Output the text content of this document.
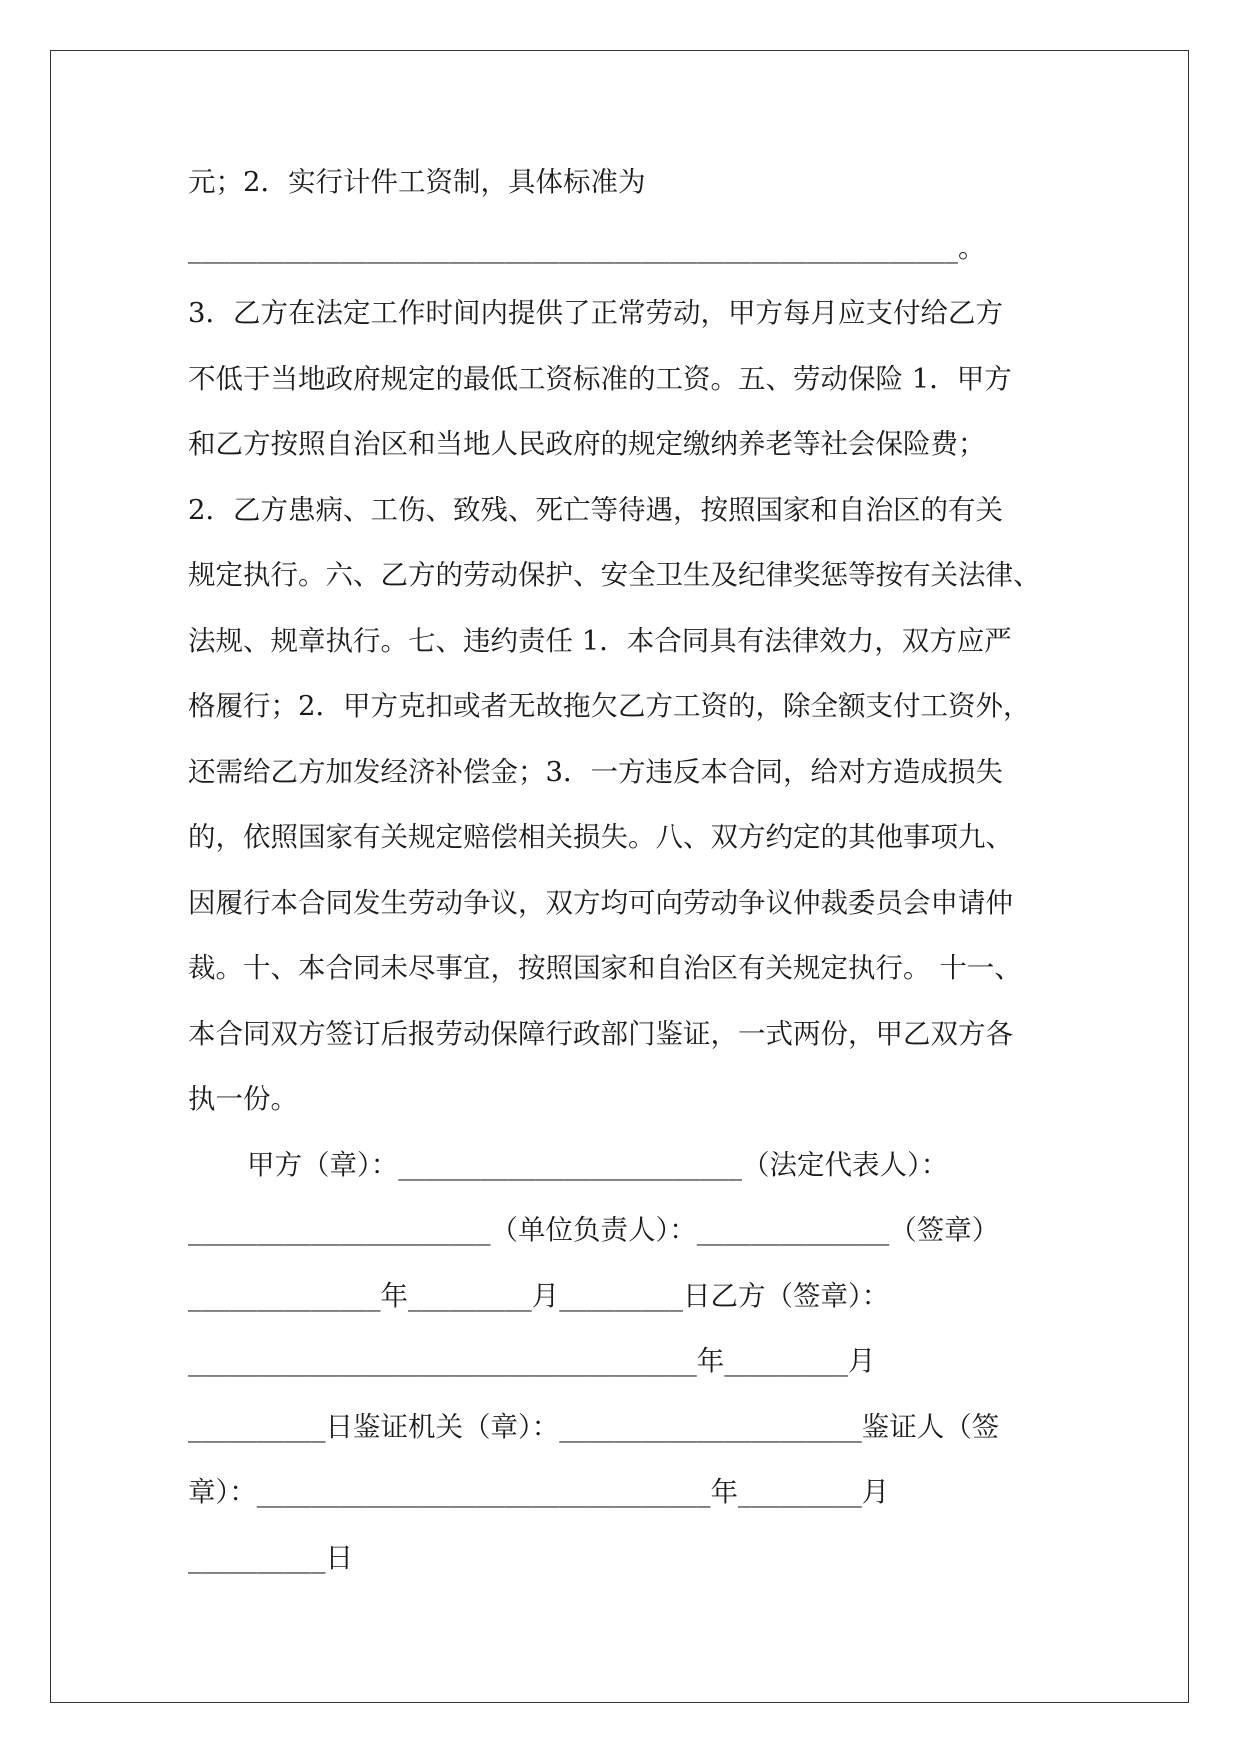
元；2．实行计件工资制，具体标准为
________________________________________________________。
3．乙方在法定工作时间内提供了正常劳动，甲方每月应支付给乙方
不低于当地政府规定的最低工资标准的工资。五、劳动保险 1．甲方
和乙方按照自治区和当地人民政府的规定缴纳养老等社会保险费；
2．乙方患病、工伤、致残、死亡等待遇，按照国家和自治区的有关
规定执行。六、乙方的劳动保护、安全卫生及纪律奖惩等按有关法律、
法规、规章执行。七、违约责任 1．本合同具有法律效力，双方应严
格履行；2．甲方克扣或者无故拖欠乙方工资的，除全额支付工资外，
还需给乙方加发经济补偿金；3．一方违反本合同，给对方造成损失
的，依照国家有关规定赔偿相关损失。八、双方约定的其他事项九、
因履行本合同发生劳动争议，双方均可向劳动争议仲裁委员会申请仲
裁。十、本合同未尽事宜，按照国家和自治区有关规定执行。 十一、
本合同双方签订后报劳动保障行政部门鉴证，一式两份，甲乙双方各
执一份。
甲方（章）：_________________________（法定代表人）：
______________________（单位负责人）：______________（签章）
______________年_________月_________日乙方（签章）：
_____________________________________年_________月
__________日鉴证机关（章）：______________________鉴证人（签
章）：_________________________________年_________月
__________日
